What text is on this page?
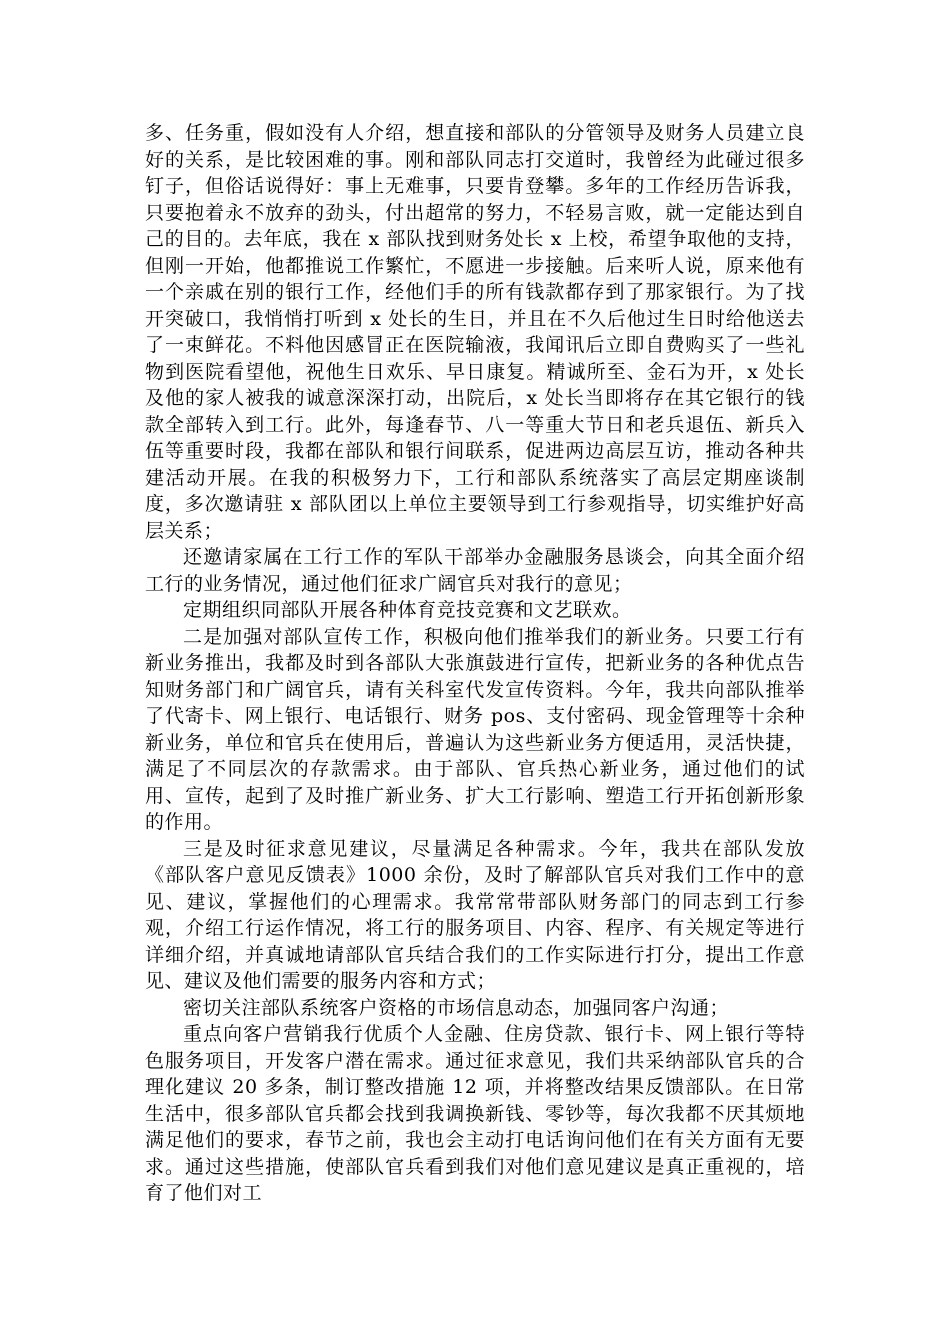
多、任务重，假如没有人介绍，想直接和部队的分管领导及财务人员建立良好的关系，是比较困难的事。刚和部队同志打交道时，我曾经为此碰过很多钉子，但俗话说得好：事上无难事，只要肯登攀。多年的工作经历告诉我，只要抱着永不放弃的劲头，付出超常的努力，不轻易言败，就一定能达到自己的目的。去年底，我在 x 部队找到财务处长 x 上校，希望争取他的支持，但刚一开始，他都推说工作繁忙，不愿进一步接触。后来听人说，原来他有一个亲戚在别的银行工作，经他们手的所有钱款都存到了那家银行。为了找开突破口，我悄悄打听到 x 处长的生日，并且在不久后他过生日时给他送去了一束鲜花。不料他因感冒正在医院输液，我闻讯后立即自费购买了一些礼物到医院看望他，祝他生日欢乐、早日康复。精诚所至、金石为开，x 处长及他的家人被我的诚意深深打动，出院后，x 处长当即将存在其它银行的钱款全部转入到工行。此外，每逢春节、八一等重大节日和老兵退伍、新兵入伍等重要时段，我都在部队和银行间联系，促进两边高层互访，推动各种共建活动开展。在我的积极努力下，工行和部队系统落实了高层定期座谈制度，多次邀请驻 x 部队团以上单位主要领导到工行参观指导，切实维护好高层关系；

还邀请家属在工行工作的军队干部举办金融服务恳谈会，向其全面介绍工行的业务情况，通过他们征求广阔官兵对我行的意见；

定期组织同部队开展各种体育竞技竞赛和文艺联欢。

二是加强对部队宣传工作，积极向他们推举我们的新业务。只要工行有新业务推出，我都及时到各部队大张旗鼓进行宣传，把新业务的各种优点告知财务部门和广阔官兵，请有关科室代发宣传资料。今年，我共向部队推举了代寄卡、网上银行、电话银行、财务 pos、支付密码、现金管理等十余种新业务，单位和官兵在使用后，普遍认为这些新业务方便适用，灵活快捷，满足了不同层次的存款需求。由于部队、官兵热心新业务，通过他们的试用、宣传，起到了及时推广新业务、扩大工行影响、塑造工行开拓创新形象的作用。

三是及时征求意见建议，尽量满足各种需求。今年，我共在部队发放《部队客户意见反馈表》1000 余份，及时了解部队官兵对我们工作中的意见、建议，掌握他们的心理需求。我常常带部队财务部门的同志到工行参观，介绍工行运作情况，将工行的服务项目、内容、程序、有关规定等进行详细介绍，并真诚地请部队官兵结合我们的工作实际进行打分，提出工作意见、建议及他们需要的服务内容和方式；

密切关注部队系统客户资格的市场信息动态，加强同客户沟通；

重点向客户营销我行优质个人金融、住房贷款、银行卡、网上银行等特色服务项目，开发客户潜在需求。通过征求意见，我们共采纳部队官兵的合理化建议 20 多条，制订整改措施 12 项，并将整改结果反馈部队。在日常生活中，很多部队官兵都会找到我调换新钱、零钞等，每次我都不厌其烦地满足他们的要求，春节之前，我也会主动打电话询问他们在有关方面有无要求。通过这些措施，使部队官兵看到我们对他们意见建议是真正重视的，培育了他们对工
